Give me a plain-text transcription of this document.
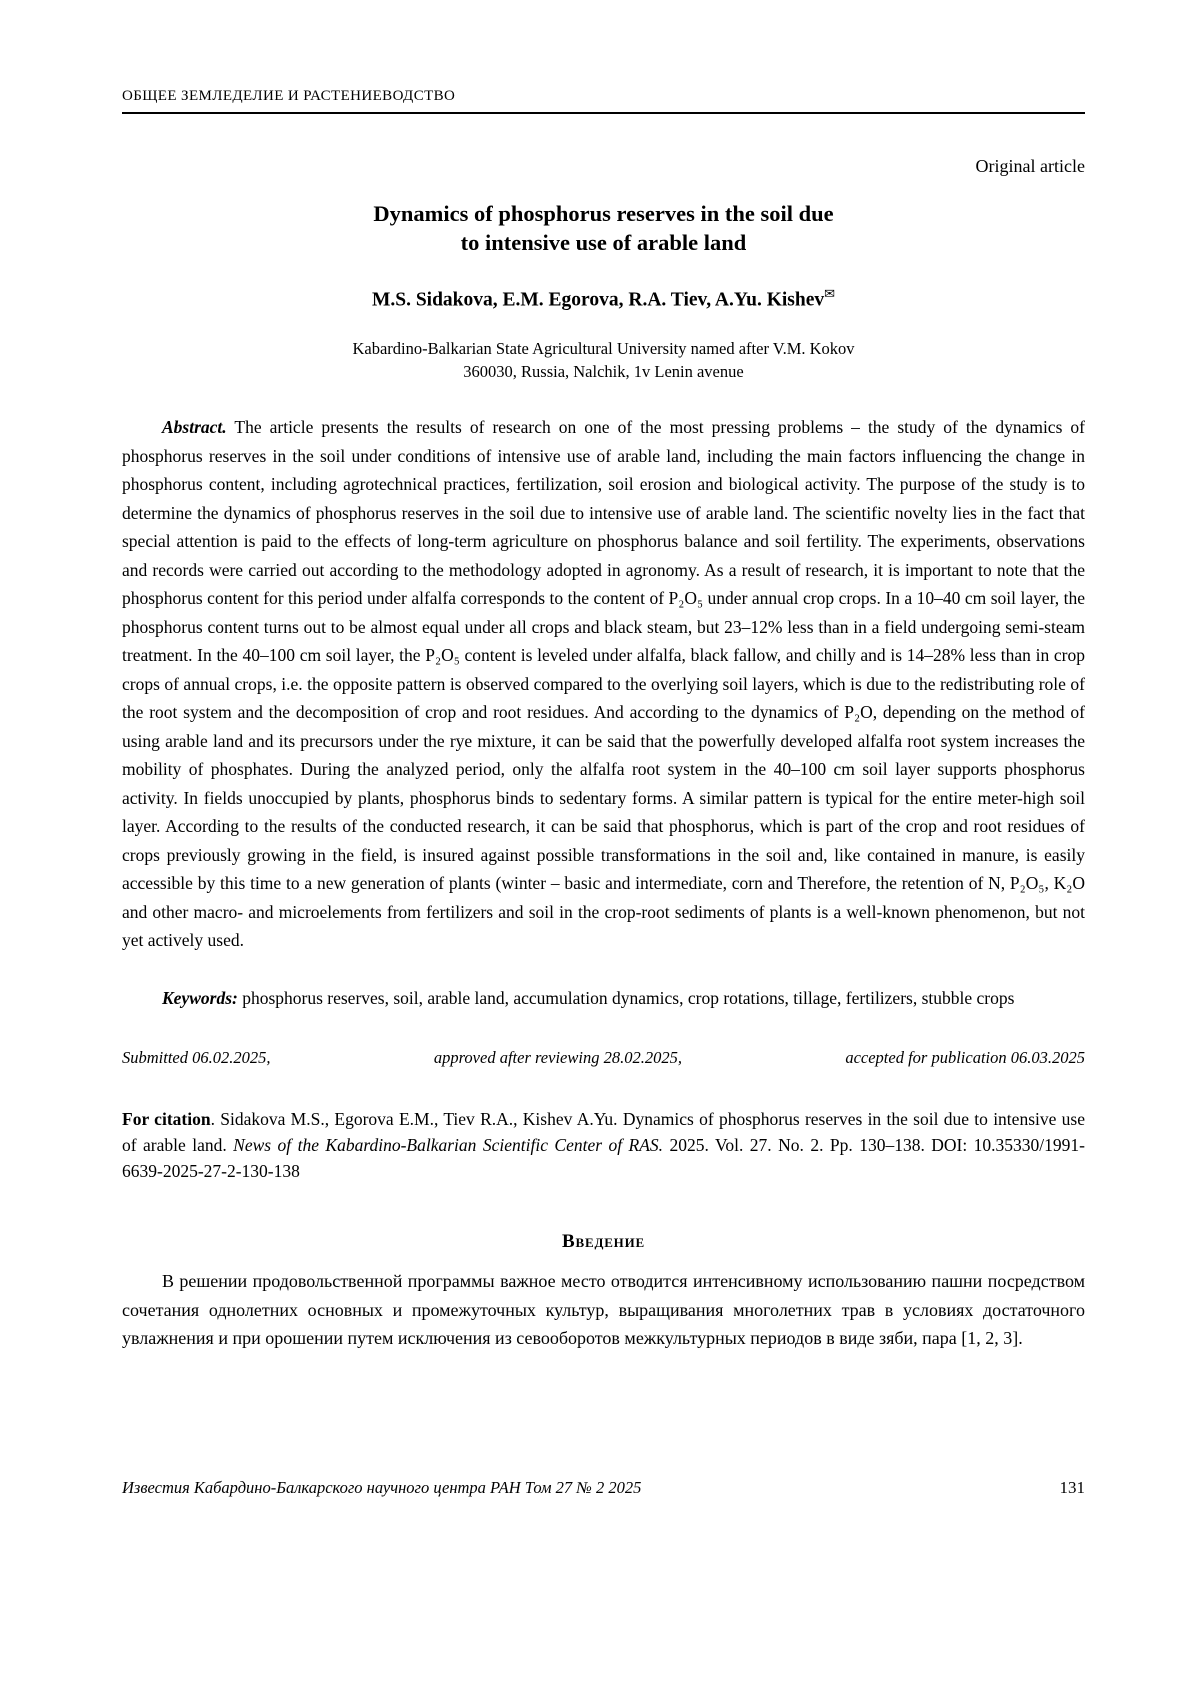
ОБЩЕЕ ЗЕМЛЕДЕЛИЕ И РАСТЕНИЕВОДСТВО
Original article
Dynamics of phosphorus reserves in the soil due
to intensive use of arable land
M.S. Sidakova, E.M. Egorova, R.A. Tiev, A.Yu. Kishev✉
Kabardino-Balkarian State Agricultural University named after V.M. Kokov
360030, Russia, Nalchik, 1v Lenin avenue

Abstract. The article presents the results of research on one of the most pressing problems – the study of the dynamics of phosphorus reserves in the soil under conditions of intensive use of arable land, including the main factors influencing the change in phosphorus content, including agrotechnical practices, fertilization, soil erosion and biological activity. The purpose of the study is to determine the dynamics of phosphorus reserves in the soil due to intensive use of arable land. The scientific novelty lies in the fact that special attention is paid to the effects of long-term agriculture on phosphorus balance and soil fertility. The experiments, observations and records were carried out according to the methodology adopted in agronomy. As a result of research, it is important to note that the phosphorus content for this period under alfalfa corresponds to the content of P₂O₅ under annual crop crops. In a 10–40 cm soil layer, the phosphorus content turns out to be almost equal under all crops and black steam, but 23–12% less than in a field undergoing semi-steam treatment. In the 40–100 cm soil layer, the P₂O₅ content is leveled under alfalfa, black fallow, and chilly and is 14–28% less than in crop crops of annual crops, i.e. the opposite pattern is observed compared to the overlying soil layers, which is due to the redistributing role of the root system and the decomposition of crop and root residues. And according to the dynamics of P₂O, depending on the method of using arable land and its precursors under the rye mixture, it can be said that the powerfully developed alfalfa root system increases the mobility of phosphates. During the analyzed period, only the alfalfa root system in the 40–100 cm soil layer supports phosphorus activity. In fields unoccupied by plants, phosphorus binds to sedentary forms. A similar pattern is typical for the entire meter-high soil layer. According to the results of the conducted research, it can be said that phosphorus, which is part of the crop and root residues of crops previously growing in the field, is insured against possible transformations in the soil and, like contained in manure, is easily accessible by this time to a new generation of plants (winter – basic and intermediate, corn and Therefore, the retention of N, P₂O₅, K₂O and other macro- and microelements from fertilizers and soil in the crop-root sediments of plants is a well-known phenomenon, but not yet actively used.

Keywords: phosphorus reserves, soil, arable land, accumulation dynamics, crop rotations, tillage, fertilizers, stubble crops

Submitted 06.02.2025,	approved after reviewing 28.02.2025,	accepted for publication 06.03.2025

For citation. Sidakova M.S., Egorova E.M., Tiev R.A., Kishev A.Yu. Dynamics of phosphorus reserves in the soil due to intensive use of arable land. News of the Kabardino-Balkarian Scientific Center of RAS. 2025. Vol. 27. No. 2. Pp. 130–138. DOI: 10.35330/1991-6639-2025-27-2-130-138

Введение

В решении продовольственной программы важное место отводится интенсивному использованию пашни посредством сочетания однолетних основных и промежуточных культур, выращивания многолетних трав в условиях достаточного увлажнения и при орошении путем исключения из севооборотов межкультурных периодов в виде зяби, пара [1, 2, 3].

Известия Кабардино-Балкарского научного центра РАН Том 27 № 2 2025	131
